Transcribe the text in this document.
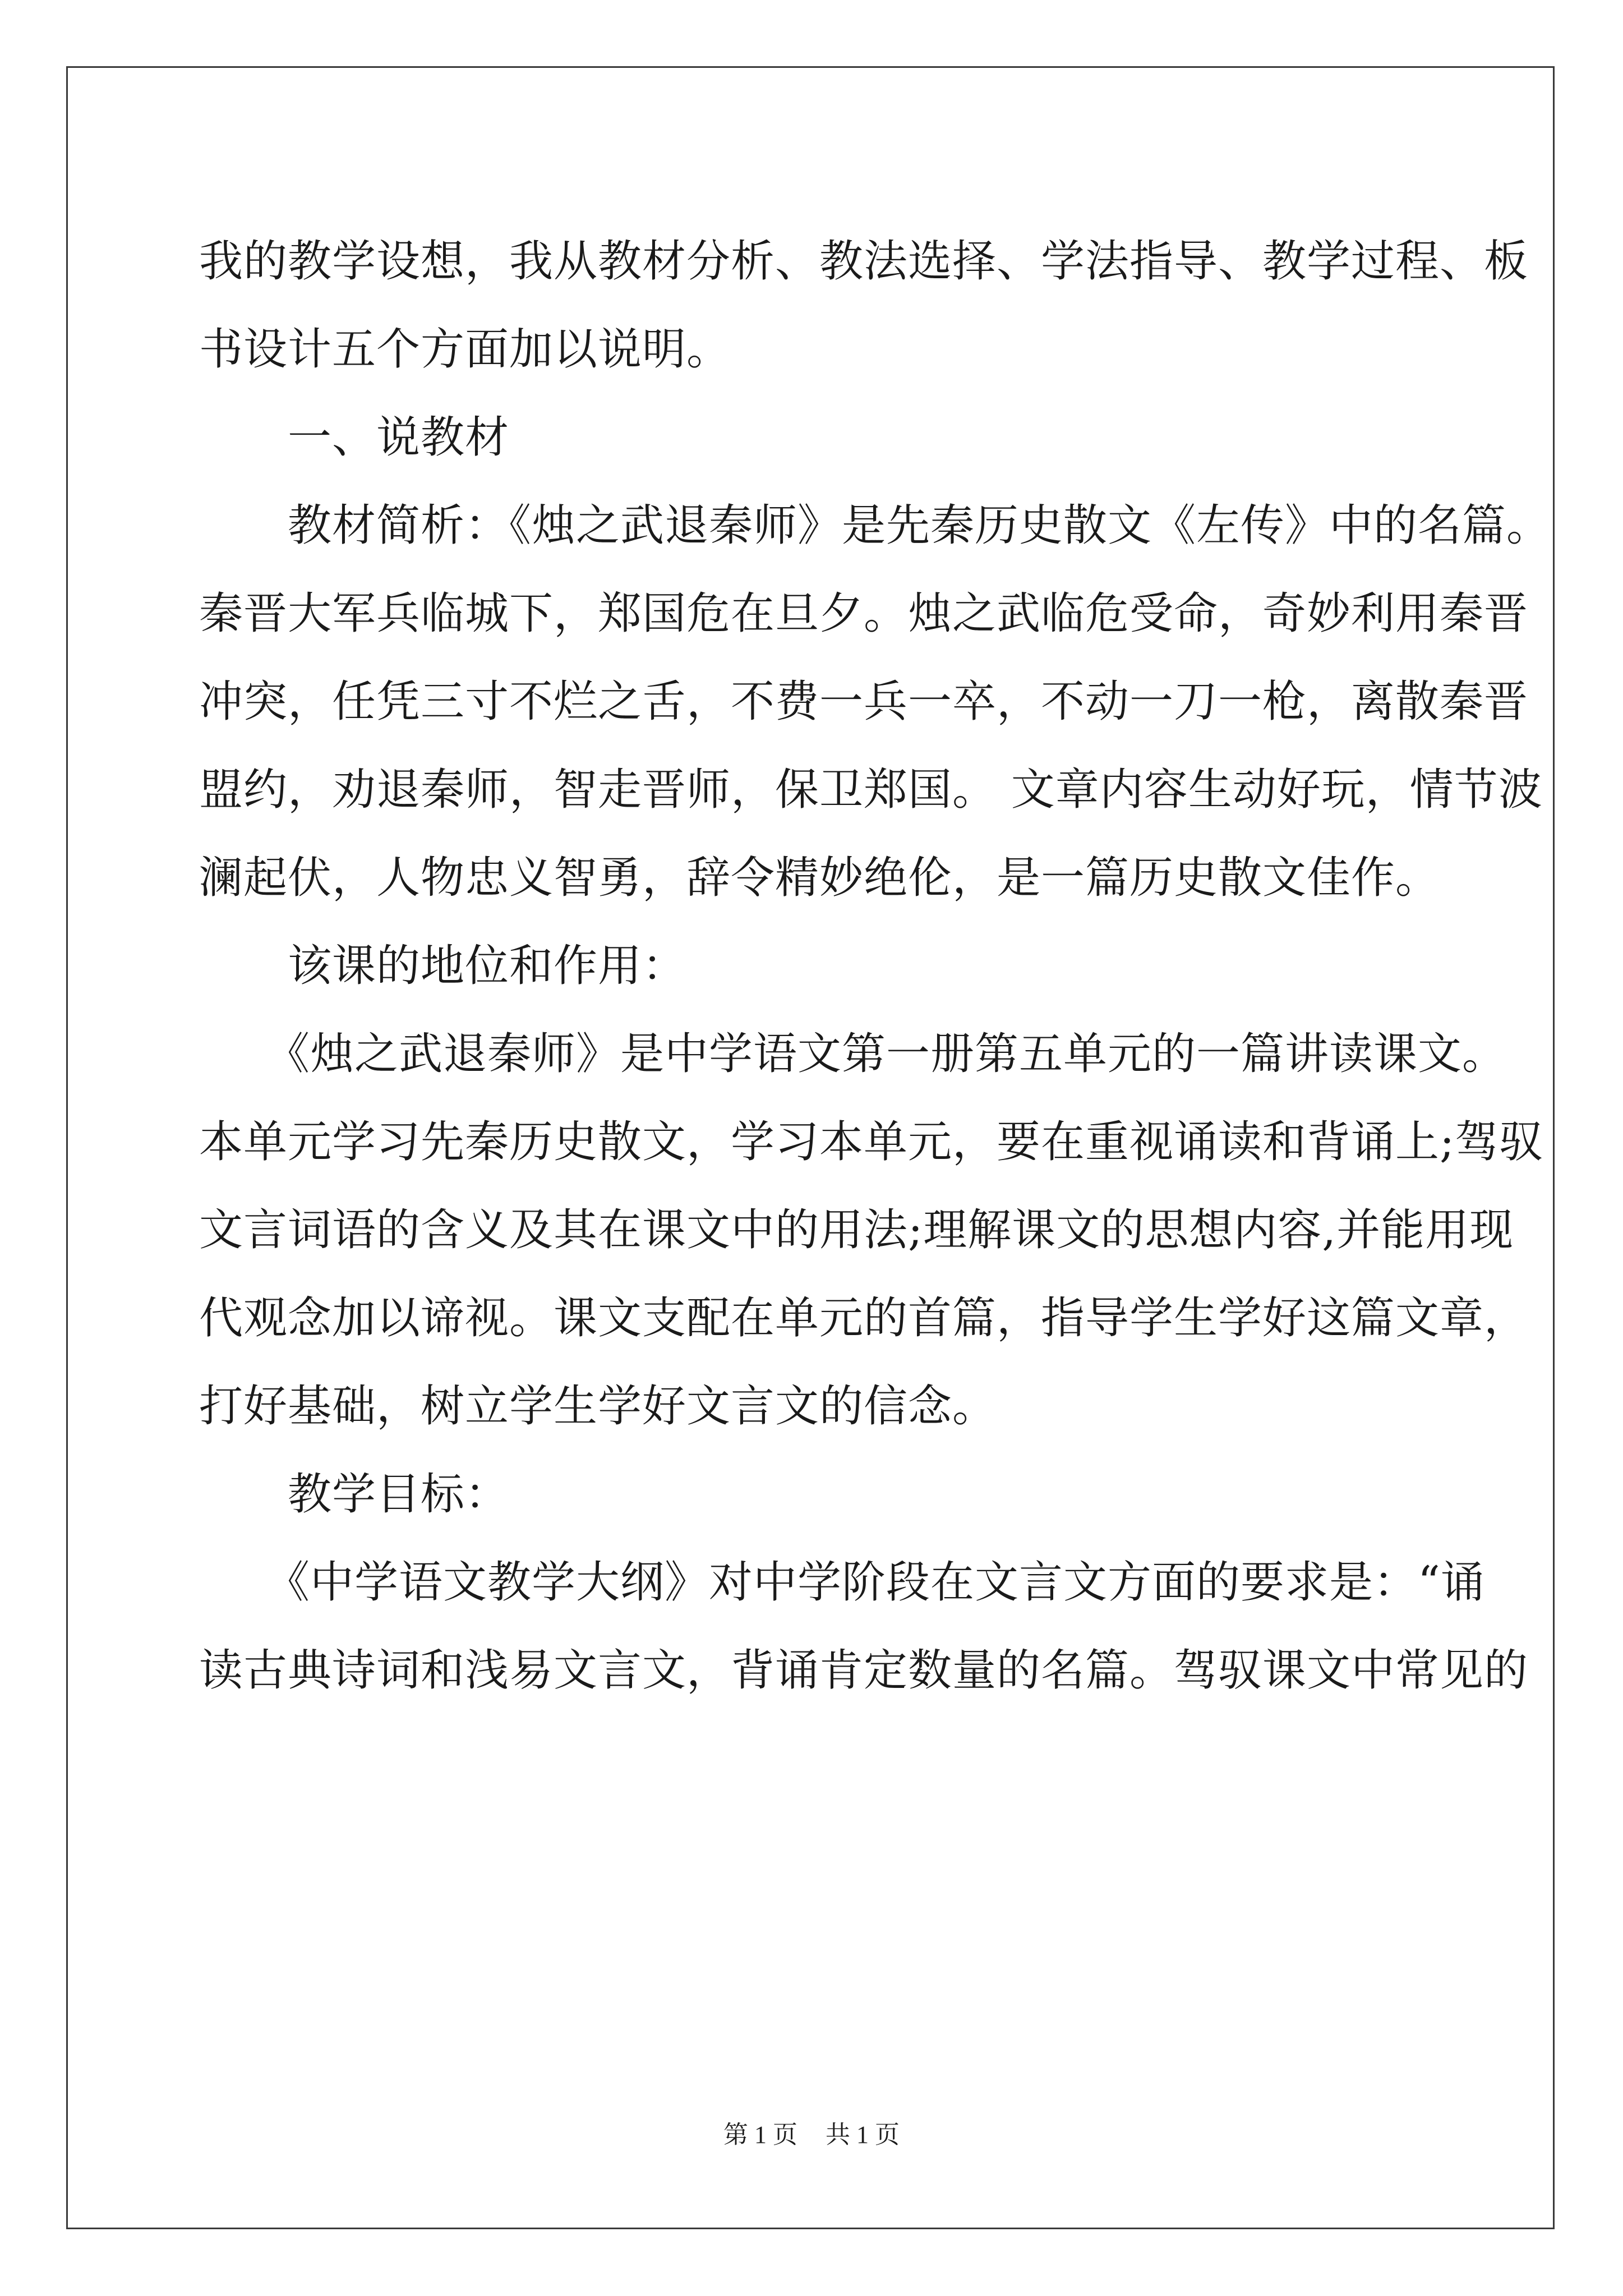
我的教学设想，我从教材分析、教法选择、学法指导、教学过程、板

书设计五个方面加以说明。

　　一、说教材

　　教材简析：《烛之武退秦师》是先秦历史散文《左传》中的名篇。

秦晋大军兵临城下，郑国危在旦夕。烛之武临危受命，奇妙利用秦晋

冲突，任凭三寸不烂之舌，不费一兵一卒，不动一刀一枪，离散秦晋

盟约，劝退秦师，智走晋师，保卫郑国。 文章内容生动好玩，情节波

澜起伏，人物忠义智勇，辞令精妙绝伦，是一篇历史散文佳作。

　　该课的地位和作用：

　　《烛之武退秦师》是中学语文第一册第五单元的一篇讲读课文。

本单元学习先秦历史散文，学习本单元，要在重视诵读和背诵上;驾驭

文言词语的含义及其在课文中的用法;理解课文的思想内容,并能用现

代观念加以谛视。课文支配在单元的首篇，指导学生学好这篇文章，

打好基础，树立学生学好文言文的信念。

　　教学目标：

　　《中学语文教学大纲》对中学阶段在文言文方面的要求是：“诵

读古典诗词和浅易文言文，背诵肯定数量的名篇。驾驭课文中常见的

第 1 页 共 1 页
